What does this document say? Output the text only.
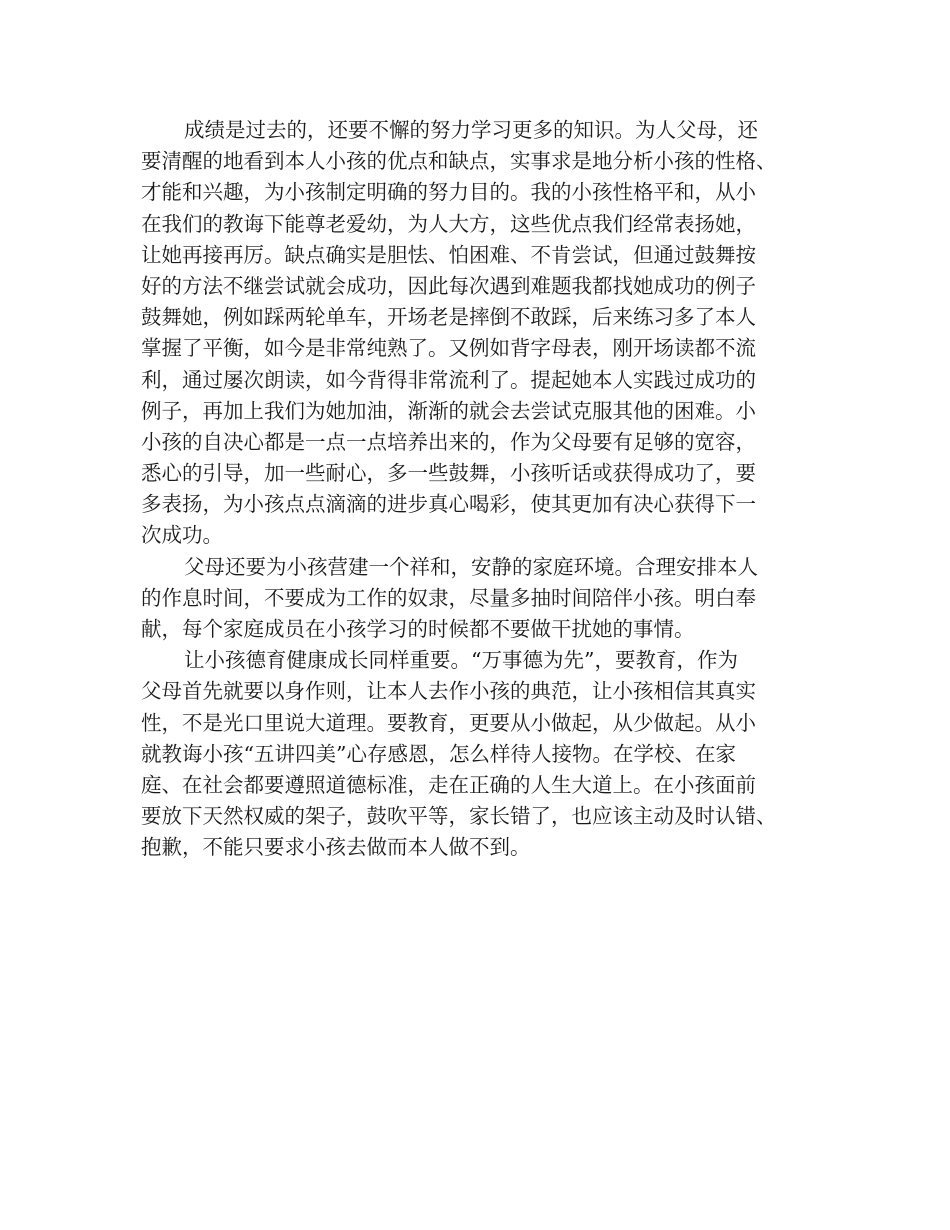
成绩是过去的，还要不懈的努力学习更多的知识。为人父母，还
要清醒的地看到本人小孩的优点和缺点，实事求是地分析小孩的性格、
才能和兴趣，为小孩制定明确的努力目的。我的小孩性格平和，从小
在我们的教诲下能尊老爱幼，为人大方，这些优点我们经常表扬她，
让她再接再厉。缺点确实是胆怯、怕困难、不肯尝试，但通过鼓舞按
好的方法不继尝试就会成功，因此每次遇到难题我都找她成功的例子
鼓舞她，例如踩两轮单车，开场老是摔倒不敢踩，后来练习多了本人
掌握了平衡，如今是非常纯熟了。又例如背字母表，刚开场读都不流
利，通过屡次朗读，如今背得非常流利了。提起她本人实践过成功的
例子，再加上我们为她加油，渐渐的就会去尝试克服其他的困难。小
小孩的自决心都是一点一点培养出来的，作为父母要有足够的宽容，
悉心的引导，加一些耐心，多一些鼓舞，小孩听话或获得成功了，要
多表扬，为小孩点点滴滴的进步真心喝彩，使其更加有决心获得下一
次成功。
父母还要为小孩营建一个祥和，安静的家庭环境。合理安排本人
的作息时间，不要成为工作的奴隶，尽量多抽时间陪伴小孩。明白奉
献，每个家庭成员在小孩学习的时候都不要做干扰她的事情。
让小孩德育健康成长同样重要。“万事德为先”，要教育，作为
父母首先就要以身作则，让本人去作小孩的典范，让小孩相信其真实
性，不是光口里说大道理。要教育，更要从小做起，从少做起。从小
就教诲小孩“五讲四美”心存感恩，怎么样待人接物。在学校、在家
庭、在社会都要遵照道德标准，走在正确的人生大道上。在小孩面前
要放下天然权威的架子，鼓吹平等，家长错了，也应该主动及时认错、
抱歉，不能只要求小孩去做而本人做不到。
